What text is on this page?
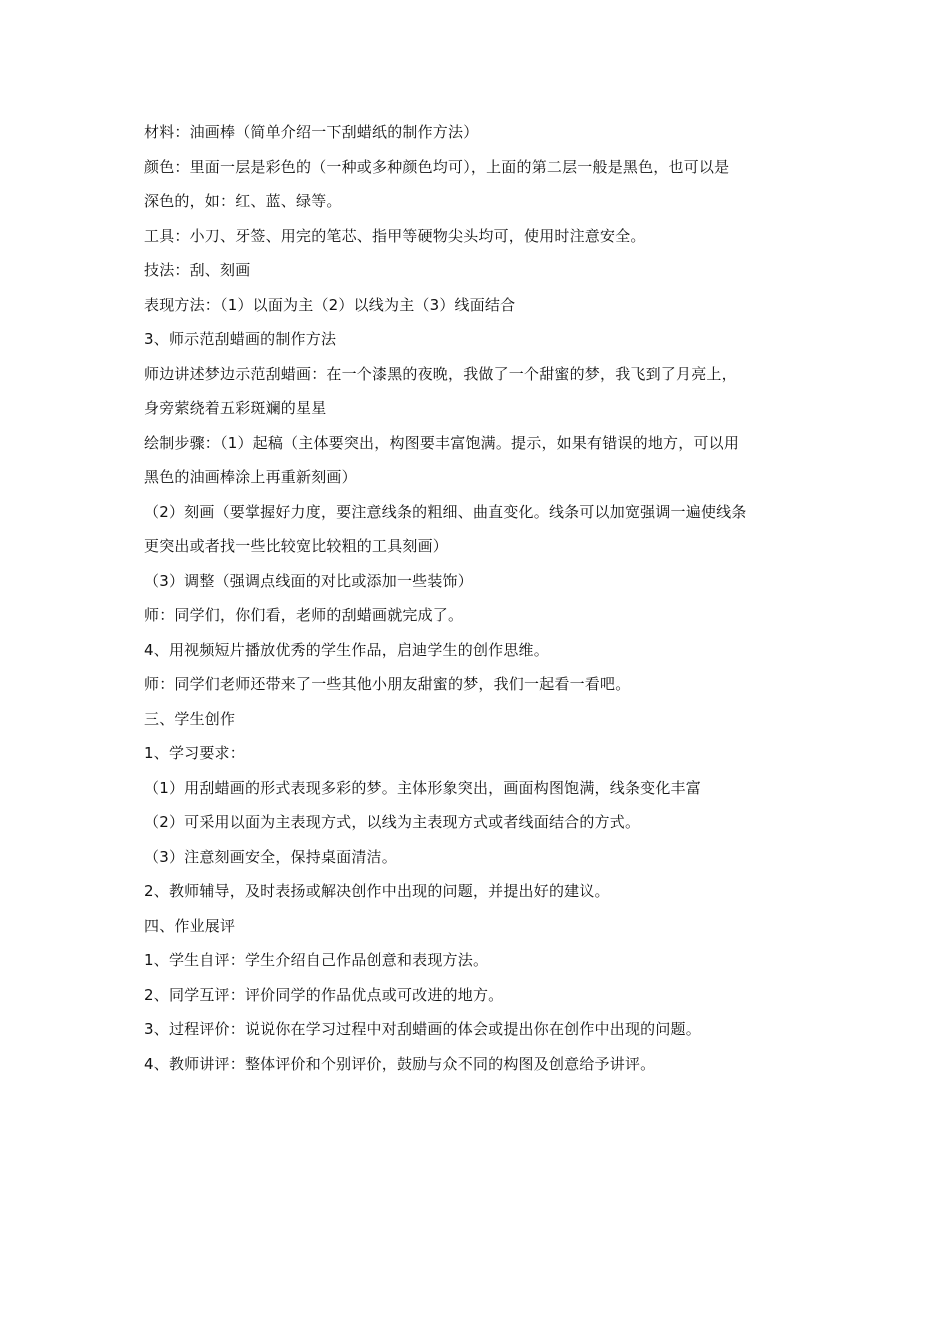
材料：油画棒（简单介绍一下刮蜡纸的制作方法）
颜色：里面一层是彩色的（一种或多种颜色均可），上面的第二层一般是黑色，也可以是
深色的，如：红、蓝、绿等。
工具：小刀、牙签、用完的笔芯、指甲等硬物尖头均可，使用时注意安全。
技法：刮、刻画
表现方法：（1）以面为主（2）以线为主（3）线面结合
3、师示范刮蜡画的制作方法
师边讲述梦边示范刮蜡画：在一个漆黑的夜晚，我做了一个甜蜜的梦，我飞到了月亮上，
身旁萦绕着五彩斑斓的星星
绘制步骤：（1）起稿（主体要突出，构图要丰富饱满。提示，如果有错误的地方，可以用
黑色的油画棒涂上再重新刻画）
（2）刻画（要掌握好力度，要注意线条的粗细、曲直变化。线条可以加宽强调一遍使线条
更突出或者找一些比较宽比较粗的工具刻画）
（3）调整（强调点线面的对比或添加一些装饰）
师：同学们，你们看，老师的刮蜡画就完成了。
4、用视频短片播放优秀的学生作品，启迪学生的创作思维。
师：同学们老师还带来了一些其他小朋友甜蜜的梦，我们一起看一看吧。
三、学生创作
1、学习要求：
（1）用刮蜡画的形式表现多彩的梦。主体形象突出，画面构图饱满，线条变化丰富
（2）可采用以面为主表现方式，以线为主表现方式或者线面结合的方式。
（3）注意刻画安全，保持桌面清洁。
2、教师辅导，及时表扬或解决创作中出现的问题，并提出好的建议。
四、作业展评
1、学生自评：学生介绍自己作品创意和表现方法。
2、同学互评：评价同学的作品优点或可改进的地方。
3、过程评价：说说你在学习过程中对刮蜡画的体会或提出你在创作中出现的问题。
4、教师讲评：整体评价和个别评价，鼓励与众不同的构图及创意给予讲评。
